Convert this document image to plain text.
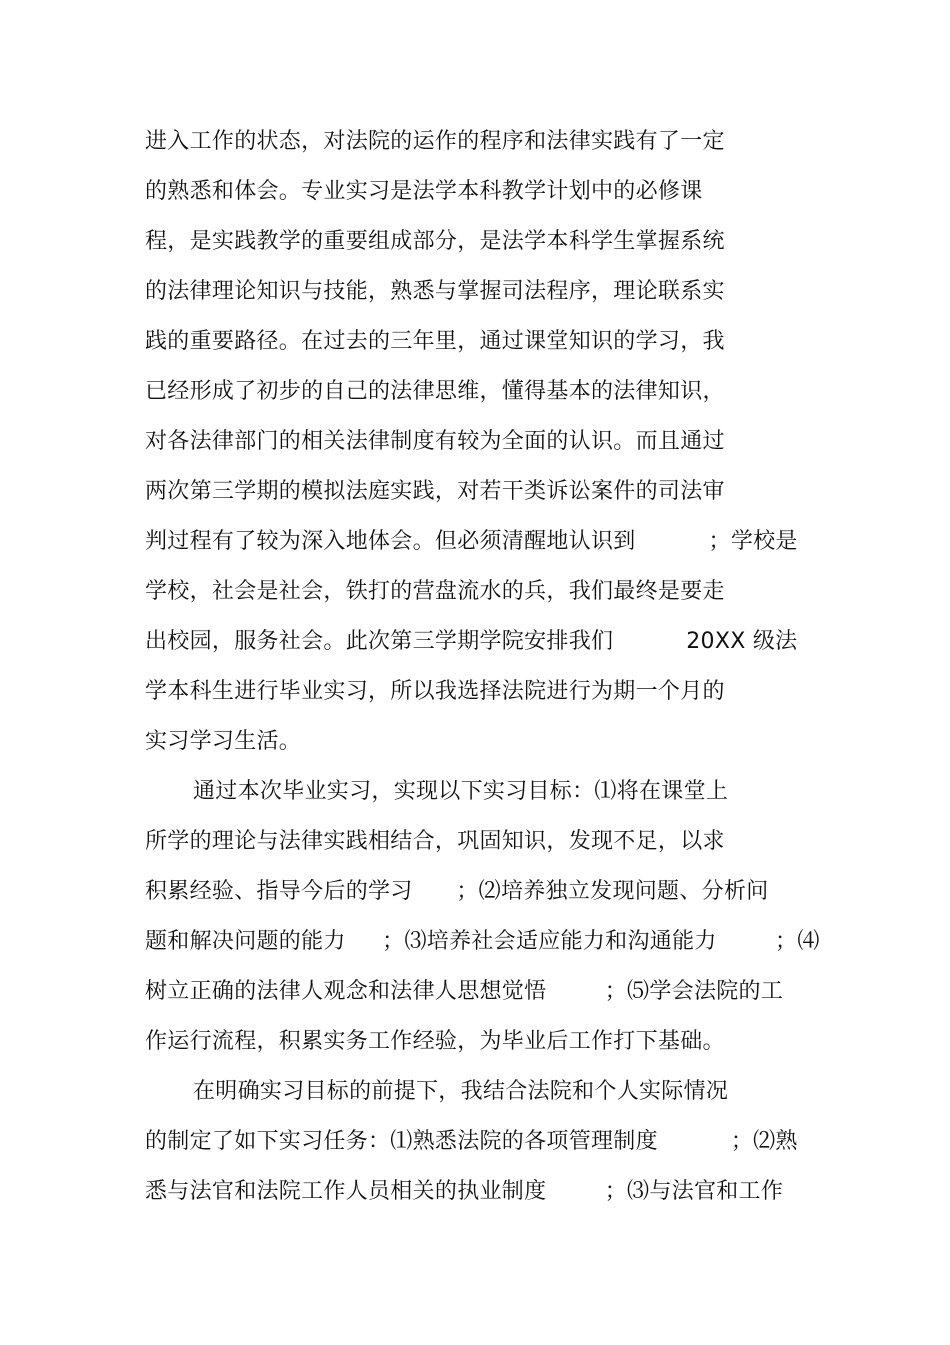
进入工作的状态，对法院的运作的程序和法律实践有了一定
的熟悉和体会。专业实习是法学本科教学计划中的必修课
程，是实践教学的重要组成部分，是法学本科学生掌握系统
的法律理论知识与技能，熟悉与掌握司法程序，理论联系实
践的重要路径。在过去的三年里，通过课堂知识的学习，我
已经形成了初步的自己的法律思维，懂得基本的法律知识，
对各法律部门的相关法律制度有较为全面的认识。而且通过
两次第三学期的模拟法庭实践，对若干类诉讼案件的司法审
判过程有了较为深入地体会。但必须清醒地认识到          ；学校是
学校，社会是社会，铁打的营盘流水的兵，我们最终是要走
出校园，服务社会。此次第三学期学院安排我们          20XX 级法
学本科生进行毕业实习，所以我选择法院进行为期一个月的
实习学习生活。
通过本次毕业实习，实现以下实习目标：⑴将在课堂上
所学的理论与法律实践相结合，巩固知识，发现不足，以求
积累经验、指导今后的学习      ；⑵培养独立发现问题、分析问
题和解决问题的能力     ；⑶培养社会适应能力和沟通能力        ；⑷
树立正确的法律人观念和法律人思想觉悟        ；⑸学会法院的工
作运行流程，积累实务工作经验，为毕业后工作打下基础。
在明确实习目标的前提下，我结合法院和个人实际情况
的制定了如下实习任务：⑴熟悉法院的各项管理制度          ；⑵熟
悉与法官和法院工作人员相关的执业制度        ；⑶与法官和工作
